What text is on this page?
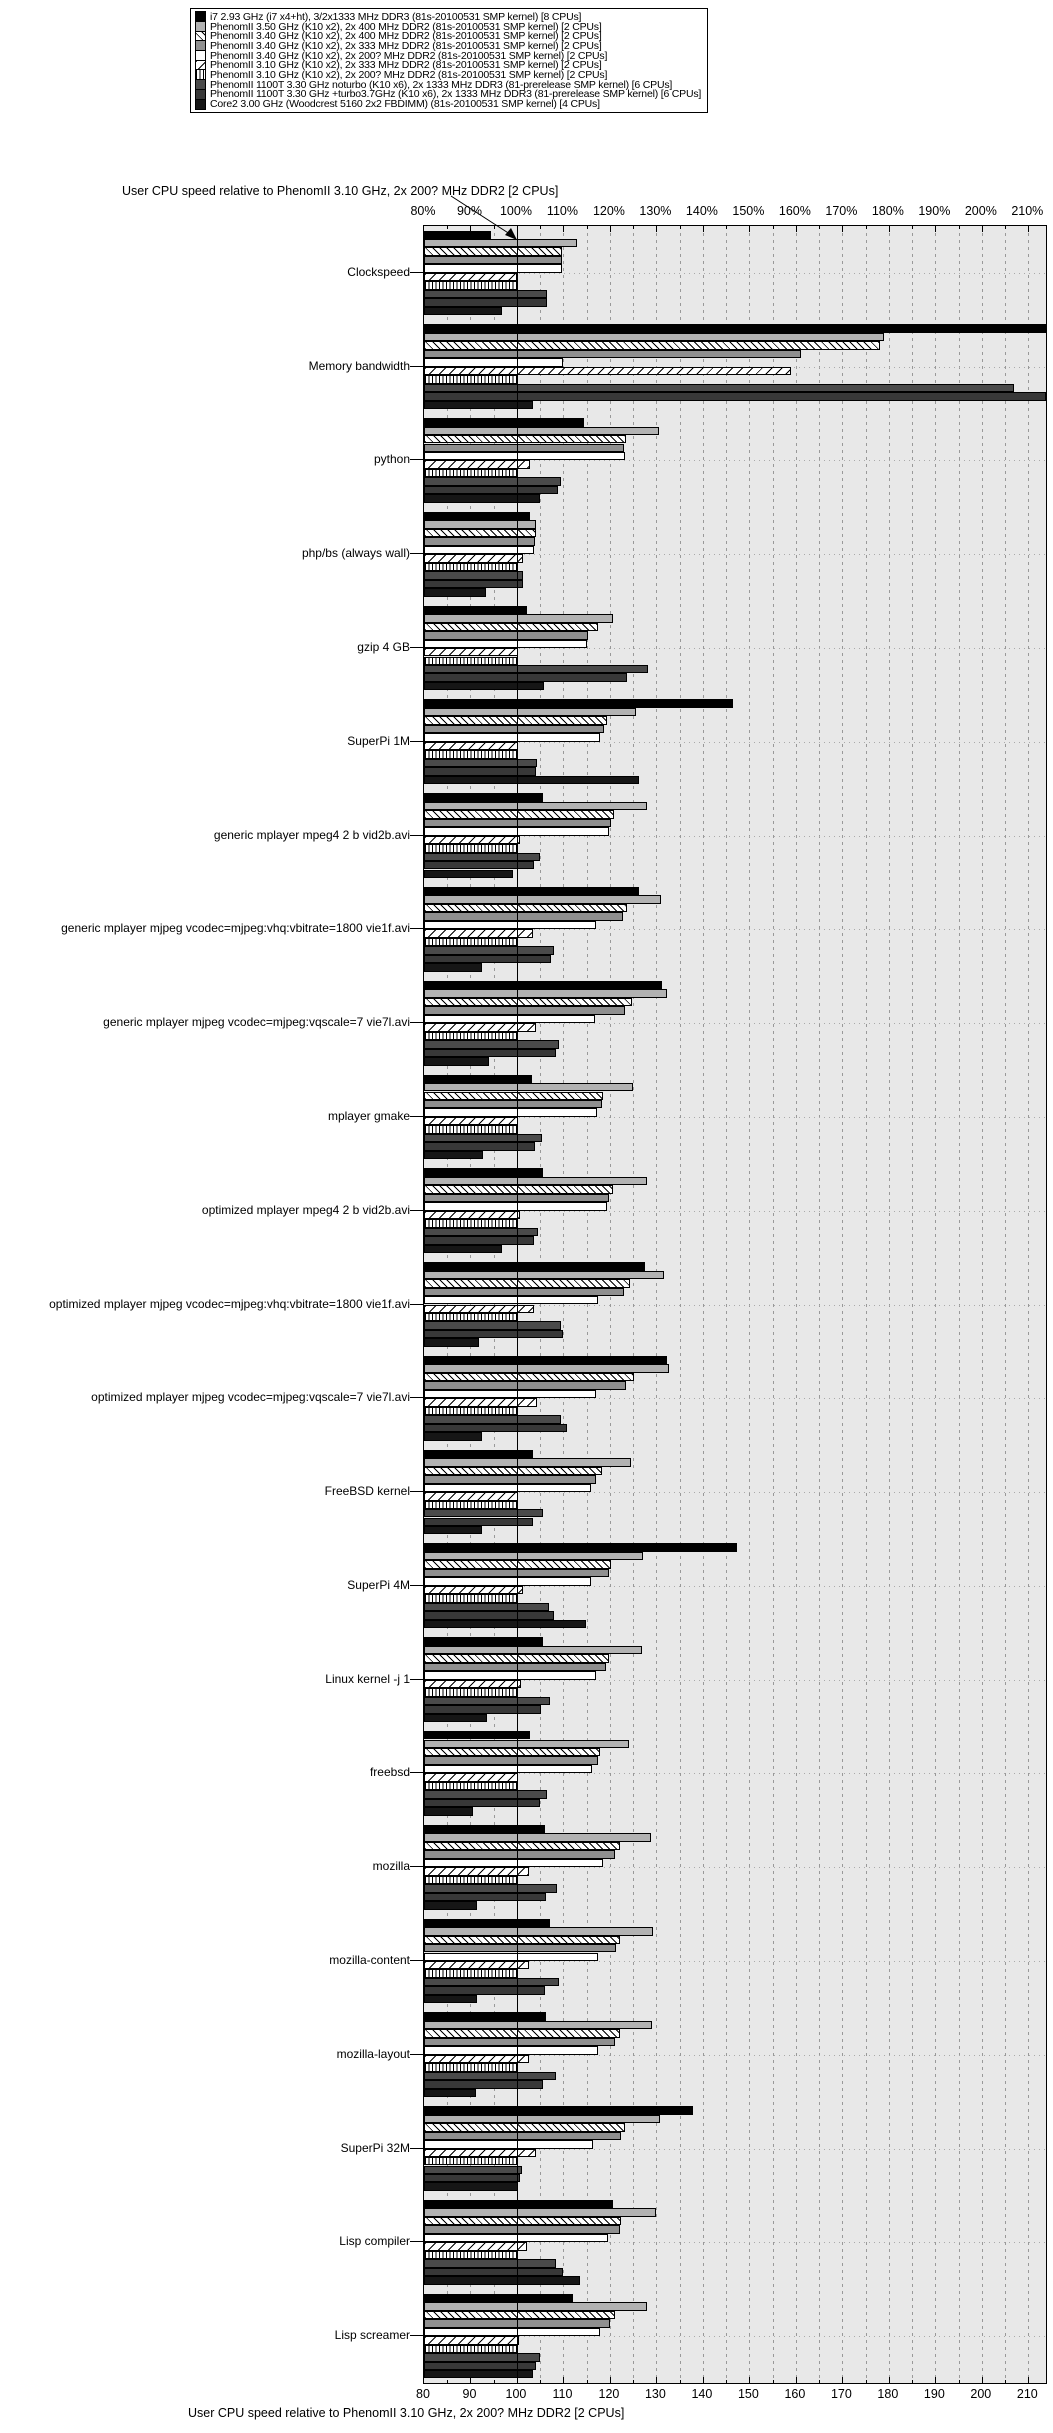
i7 2.93 GHz (i7 x4+ht), 3/2x1333 MHz DDR3 (81s-20100531 SMP kernel) [8 CPUs]
PhenomII 3.50 GHz (K10 x2), 2x 400 MHz DDR2 (81s-20100531 SMP kernel) [2 CPUs]
PhenomII 3.40 GHz (K10 x2), 2x 400 MHz DDR2 (81s-20100531 SMP kernel) [2 CPUs]
PhenomII 3.40 GHz (K10 x2), 2x 333 MHz DDR2 (81s-20100531 SMP kernel) [2 CPUs]
PhenomII 3.40 GHz (K10 x2), 2x 200? MHz DDR2 (81s-20100531 SMP kernel) [2 CPUs]
PhenomII 3.10 GHz (K10 x2), 2x 333 MHz DDR2 (81s-20100531 SMP kernel) [2 CPUs]
PhenomII 3.10 GHz (K10 x2), 2x 200? MHz DDR2 (81s-20100531 SMP kernel) [2 CPUs]
PhenomII 1100T 3.30 GHz noturbo (K10 x6), 2x 1333 MHz DDR3 (81-prerelease SMP kernel) [6 CPUs]
PhenomII 1100T 3.30 GHz +turbo3.7GHz (K10 x6), 2x 1333 MHz DDR3 (81-prerelease SMP kernel) [6 CPUs]
Core2 3.00 GHz (Woodcrest 5160 2x2 FBDIMM) (81s-20100531 SMP kernel) [4 CPUs]
User CPU speed relative to PhenomII 3.10 GHz, 2x 200? MHz DDR2 [2 CPUs]
80%
80
90%
90
100%
100
110%
110
120%
120
130%
130
140%
140
150%
150
160%
160
170%
170
180%
180
190%
190
200%
200
210%
210
Clockspeed
Memory bandwidth
python
php/bs (always wall)
gzip 4 GB
SuperPi 1M
generic mplayer mpeg4 2 b vid2b.avi
generic mplayer mjpeg vcodec=mjpeg:vhq:vbitrate=1800 vie1f.avi
generic mplayer mjpeg vcodec=mjpeg:vqscale=7 vie7l.avi
mplayer gmake
optimized mplayer mpeg4 2 b vid2b.avi
optimized mplayer mjpeg vcodec=mjpeg:vhq:vbitrate=1800 vie1f.avi
optimized mplayer mjpeg vcodec=mjpeg:vqscale=7 vie7l.avi
FreeBSD kernel
SuperPi 4M
Linux kernel -j 1
freebsd
mozilla
mozilla-content
mozilla-layout
SuperPi 32M
Lisp compiler
Lisp screamer
User CPU speed relative to PhenomII 3.10 GHz, 2x 200? MHz DDR2 [2 CPUs]
